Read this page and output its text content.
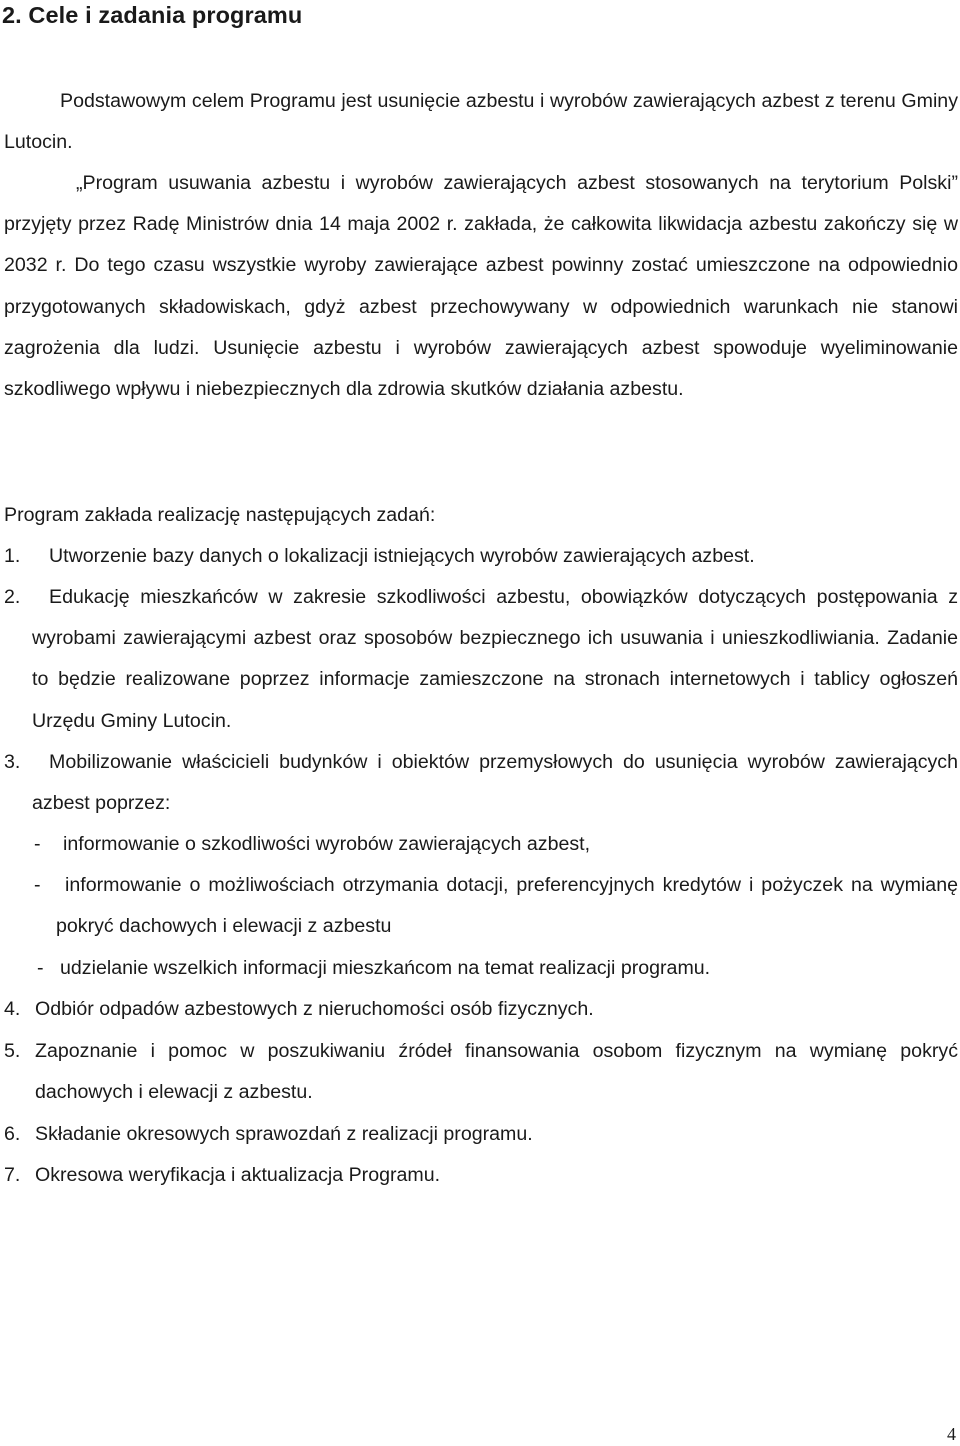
2. Cele i zadania programu
Podstawowym celem Programu jest usunięcie azbestu i wyrobów zawierających azbest z terenu Gminy Lutocin.
„Program usuwania azbestu i wyrobów zawierających azbest stosowanych na terytorium Polski” przyjęty przez Radę Ministrów dnia 14 maja 2002 r. zakłada, że całkowita likwidacja azbestu zakończy się w 2032 r. Do tego czasu wszystkie wyroby zawierające azbest powinny zostać umieszczone na odpowiednio przygotowanych składowiskach, gdyż azbest przechowywany w odpowiednich warunkach nie stanowi zagrożenia dla ludzi. Usunięcie azbestu i wyrobów zawierających azbest spowoduje wyeliminowanie szkodliwego wpływu i niebezpiecznych dla zdrowia skutków działania azbestu.
Program zakłada realizację następujących zadań:
1. Utworzenie bazy danych o lokalizacji istniejących wyrobów zawierających azbest.
2.	Edukację mieszkańców w zakresie szkodliwości azbestu, obowiązków dotyczących postępowania z wyrobami zawierającymi azbest oraz sposobów bezpiecznego ich usuwania i unieszkodliwiania. Zadanie to będzie realizowane poprzez informacje zamieszczone na stronach internetowych i tablicy ogłoszeń Urzędu Gminy Lutocin.
3.	Mobilizowanie właścicieli budynków i obiektów przemysłowych do usunięcia wyrobów zawierających azbest poprzez:
- informowanie o szkodliwości wyrobów zawierających azbest,
-	informowanie o możliwościach otrzymania dotacji, preferencyjnych kredytów i pożyczek na wymianę pokryć dachowych i elewacji z azbestu
- udzielanie wszelkich informacji mieszkańcom na temat realizacji programu.
4. Odbiór odpadów azbestowych z nieruchomości osób fizycznych.
5. Zapoznanie i pomoc w poszukiwaniu źródeł finansowania osobom fizycznym na wymianę pokryć dachowych i elewacji z azbestu.
6. Składanie okresowych sprawozdań z realizacji programu.
7. Okresowa weryfikacja i aktualizacja Programu.
4
